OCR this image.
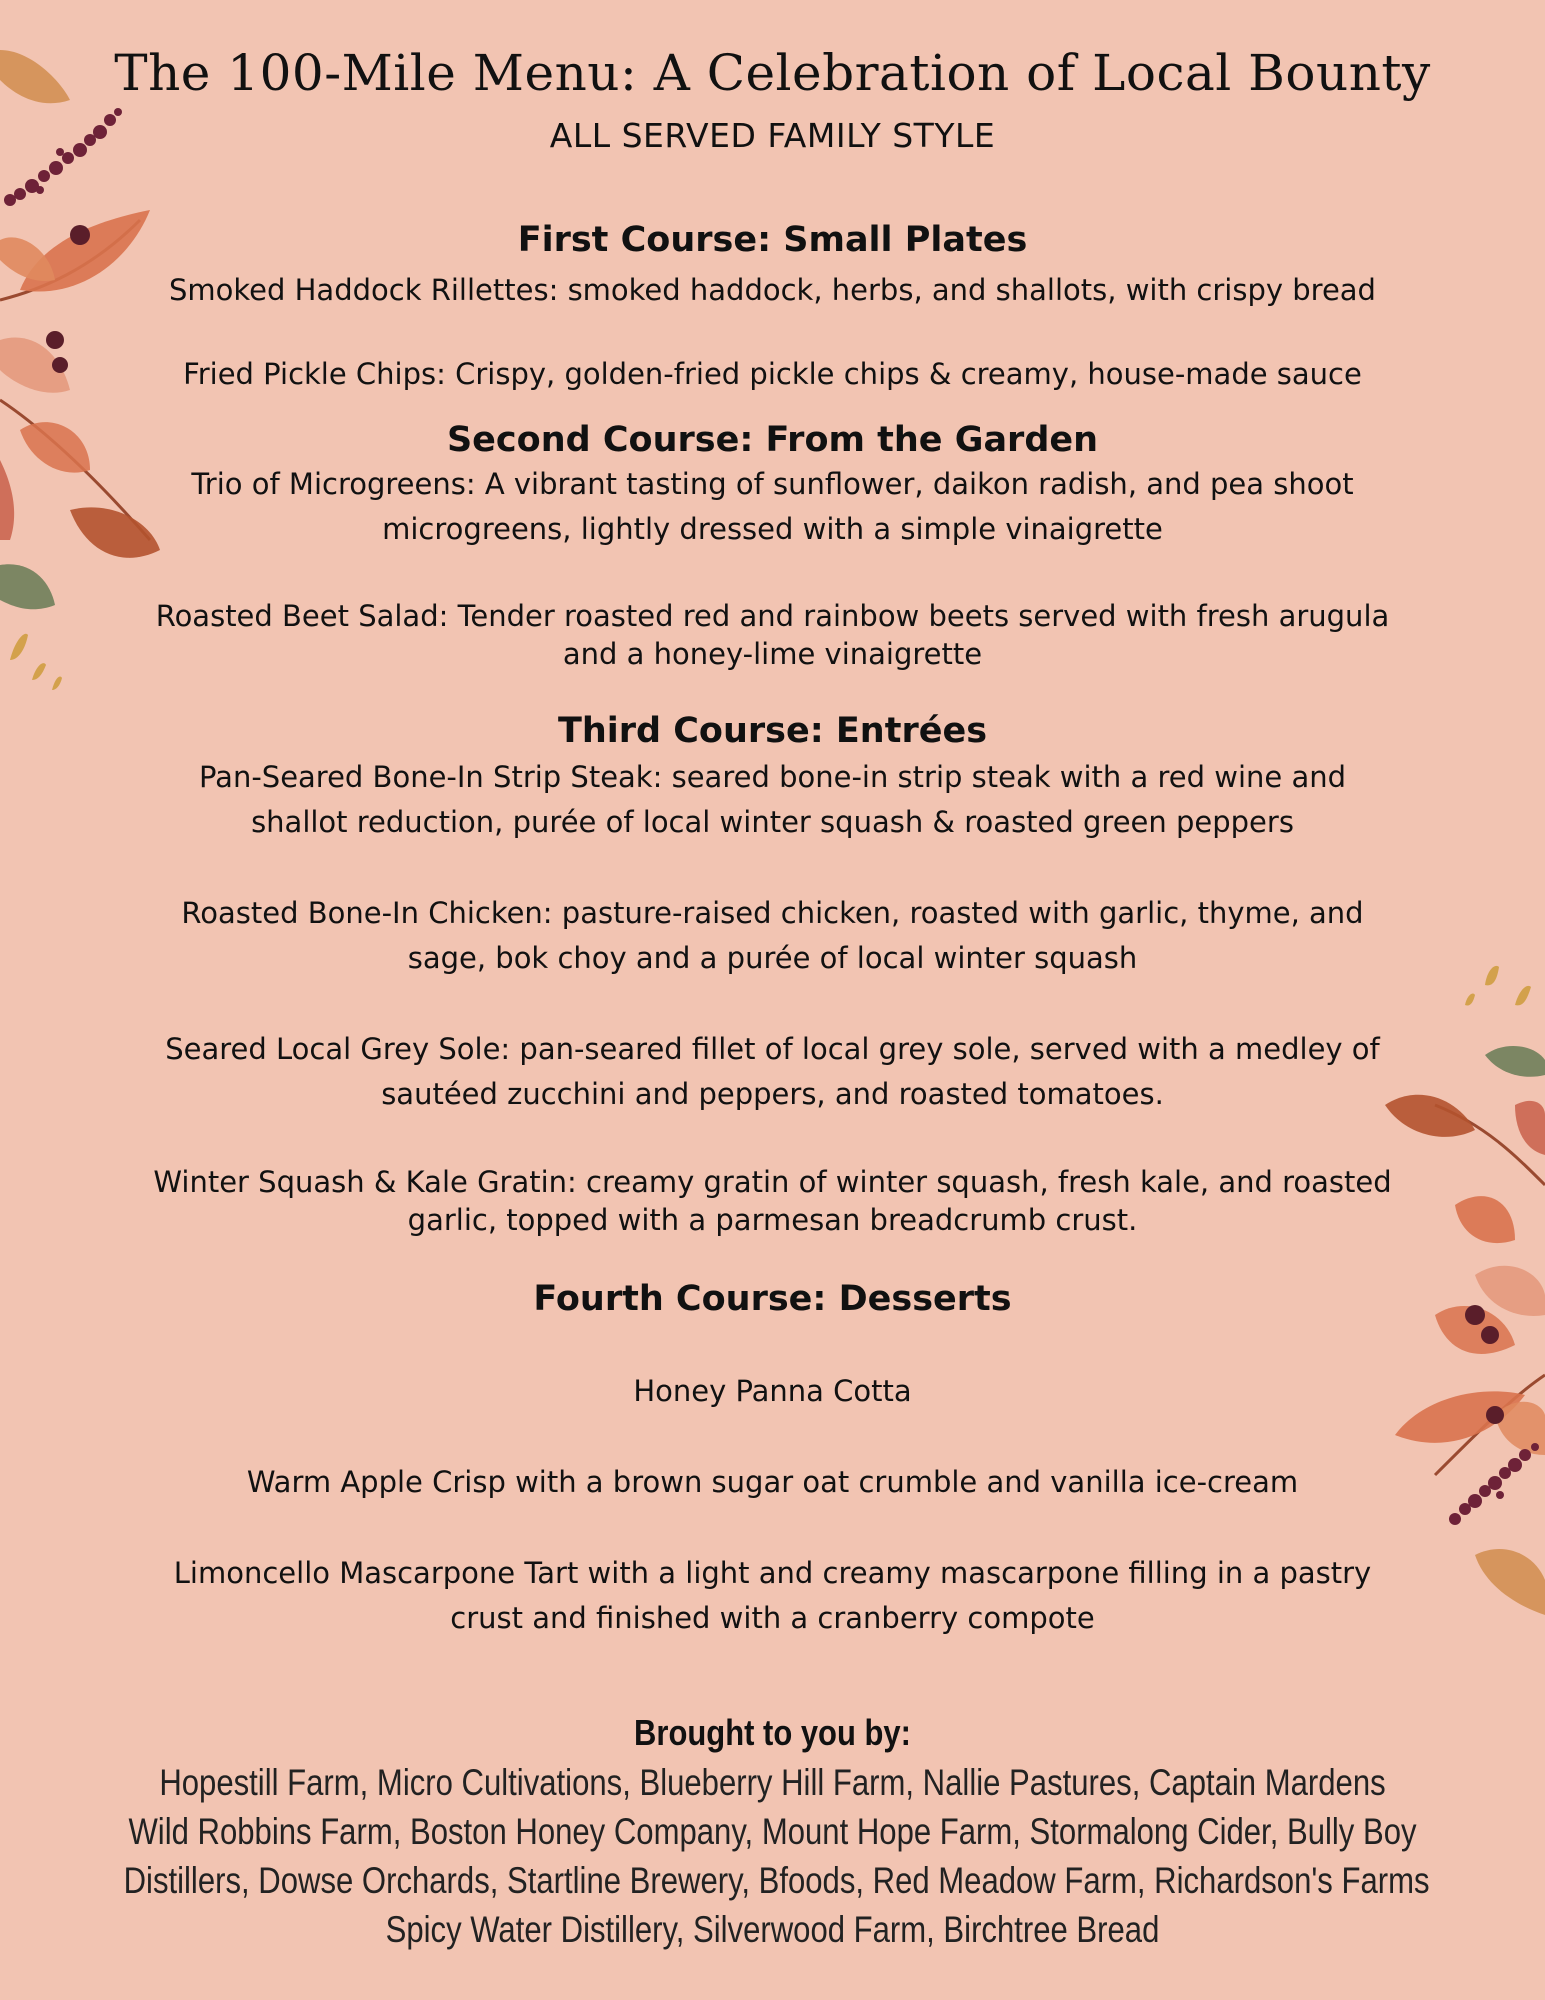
The 100-Mile Menu: A Celebration of Local Bounty
ALL SERVED FAMILY STYLE
First Course: Small Plates
Smoked Haddock Rillettes: smoked haddock, herbs, and shallots, with crispy bread
Fried Pickle Chips: Crispy, golden-fried pickle chips & creamy, house-made sauce
Second Course: From the Garden
Trio of Microgreens: A vibrant tasting of sunflower, daikon radish, and pea shoot microgreens, lightly dressed with a simple vinaigrette
Roasted Beet Salad: Tender roasted red and rainbow beets served with fresh arugula and a honey-lime vinaigrette
Third Course: Entrées
Pan-Seared Bone-In Strip Steak: seared bone-in strip steak with a red wine and shallot reduction, purée of local winter squash & roasted green peppers
Roasted Bone-In Chicken: pasture-raised chicken, roasted with garlic, thyme, and sage, bok choy and a purée of local winter squash
Seared Local Grey Sole: pan-seared fillet of local grey sole, served with a medley of sautéed zucchini and peppers, and roasted tomatoes.
Winter Squash & Kale Gratin: creamy gratin of winter squash, fresh kale, and roasted garlic, topped with a parmesan breadcrumb crust.
Fourth Course: Desserts
Honey Panna Cotta
Warm Apple Crisp with a brown sugar oat crumble and vanilla ice-cream
Limoncello Mascarpone Tart with a light and creamy mascarpone filling in a pastry crust and finished with a cranberry compote
Brought to you by:
Hopestill Farm, Micro Cultivations, Blueberry Hill Farm, Nallie Pastures, Captain Mardens
Wild Robbins Farm, Boston Honey Company, Mount Hope Farm, Stormalong Cider, Bully Boy
Distillers, Dowse Orchards, Startline Brewery, Bfoods, Red Meadow Farm, Richardson's Farms
Spicy Water Distillery, Silverwood Farm, Birchtree Bread
